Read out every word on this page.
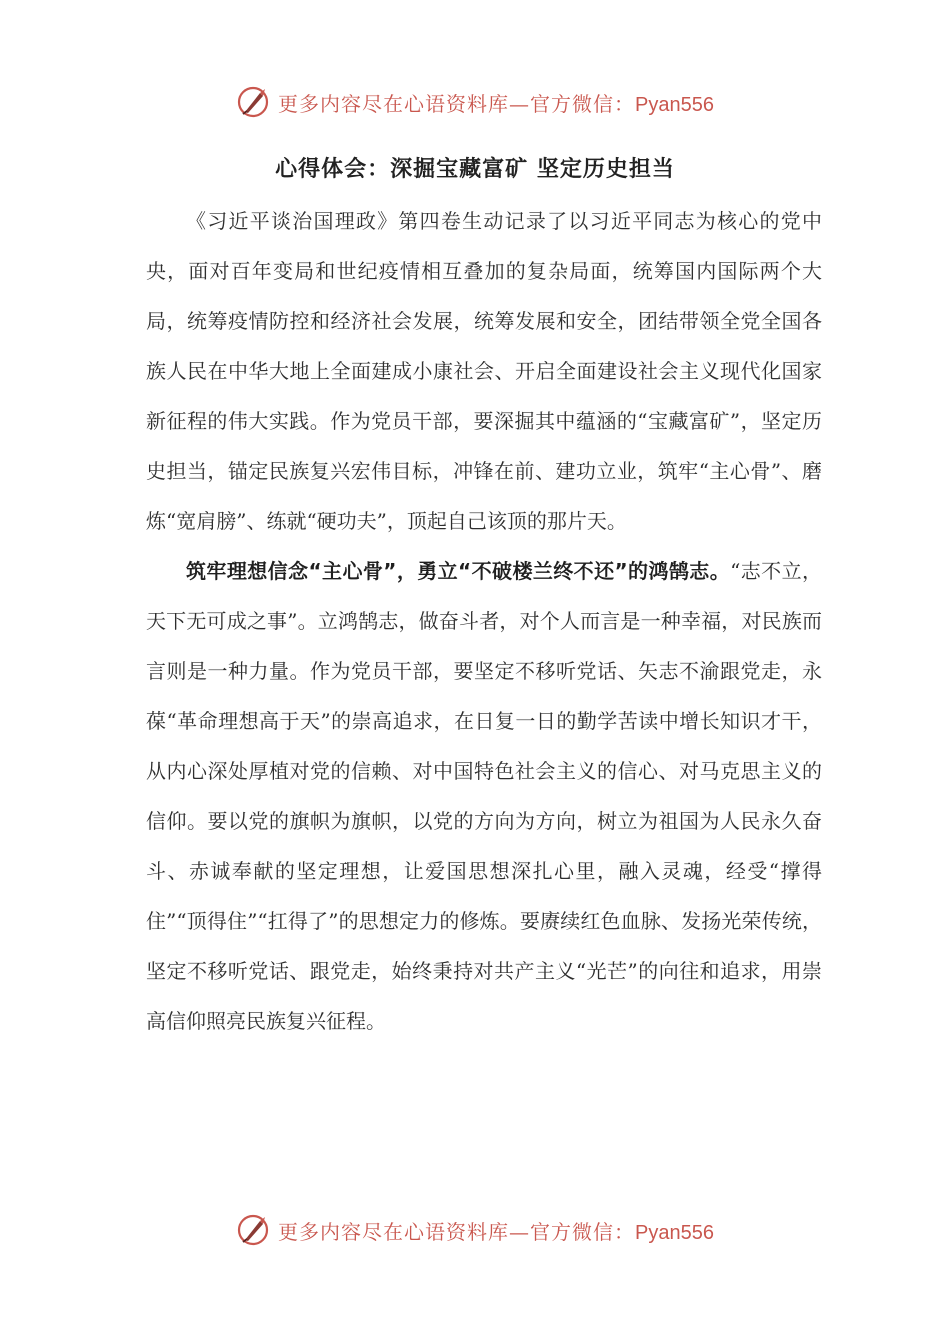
更多内容尽在心语资料库—官方微信：Pyan556
心得体会：深掘宝藏富矿 坚定历史担当

《习近平谈治国理政》第四卷生动记录了以习近平同志为核心的党中央，面对百年变局和世纪疫情相互叠加的复杂局面，统筹国内国际两个大局，统筹疫情防控和经济社会发展，统筹发展和安全，团结带领全党全国各族人民在中华大地上全面建成小康社会、开启全面建设社会主义现代化国家新征程的伟大实践。作为党员干部，要深掘其中蕴涵的“宝藏富矿”，坚定历史担当，锚定民族复兴宏伟目标，冲锋在前、建功立业，筑牢“主心骨”、磨炼“宽肩膀”、练就“硬功夫”，顶起自己该顶的那片天。

筑牢理想信念“主心骨”，勇立“不破楼兰终不还”的鸿鹄志。“志不立，天下无可成之事”。立鸿鹄志，做奋斗者，对个人而言是一种幸福，对民族而言则是一种力量。作为党员干部，要坚定不移听党话、矢志不渝跟党走，永葆“革命理想高于天”的崇高追求，在日复一日的勤学苦读中增长知识才干，从内心深处厚植对党的信赖、对中国特色社会主义的信心、对马克思主义的信仰。要以党的旗帜为旗帜，以党的方向为方向，树立为祖国为人民永久奋斗、赤诚奉献的坚定理想，让爱国思想深扎心里，融入灵魂，经受“撑得住”“顶得住”“扛得了”的思想定力的修炼。要赓续红色血脉、发扬光荣传统，坚定不移听党话、跟党走，始终秉持对共产主义“光芒”的向往和追求，用崇高信仰照亮民族复兴征程。

更多内容尽在心语资料库—官方微信：Pyan556
